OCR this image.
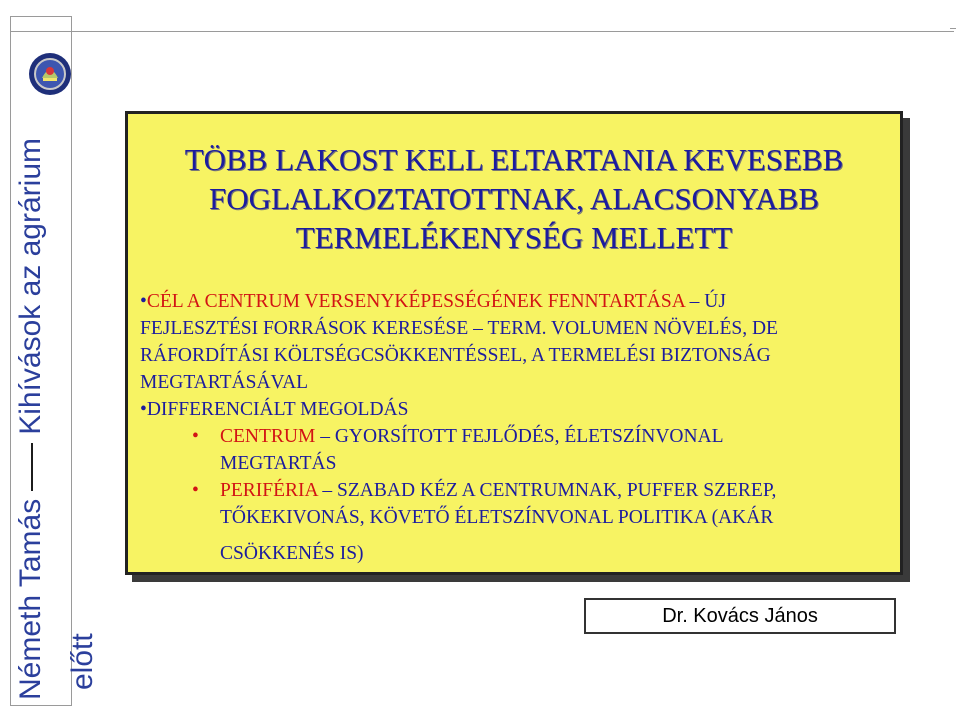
Németh TamásKihívások az agrárium
előtt
TÖBB LAKOST KELL ELTARTANIA KEVESEBB
FOGLALKOZTATOTTNAK, ALACSONYABB
TERMELÉKENYSÉG MELLETT
•CÉL A CENTRUM VERSENYKÉPESSÉGÉNEK FENNTARTÁSA – ÚJ
FEJLESZTÉSI FORRÁSOK KERESÉSE – TERM. VOLUMEN NÖVELÉS, DE
RÁFORDÍTÁSI KÖLTSÉGCSÖKKENTÉSSEL, A TERMELÉSI BIZTONSÁG
MEGTARTÁSÁVAL
•DIFFERENCIÁLT MEGOLDÁS
• CENTRUM – GYORSÍTOTT FEJLŐDÉS, ÉLETSZÍNVONAL
MEGTARTÁS
• PERIFÉRIA – SZABAD KÉZ A CENTRUMNAK, PUFFER SZEREP,
TŐKEKIVONÁS, KÖVETŐ ÉLETSZÍNVONAL POLITIKA (AKÁR
CSÖKKENÉS IS)
Dr. Kovács János
